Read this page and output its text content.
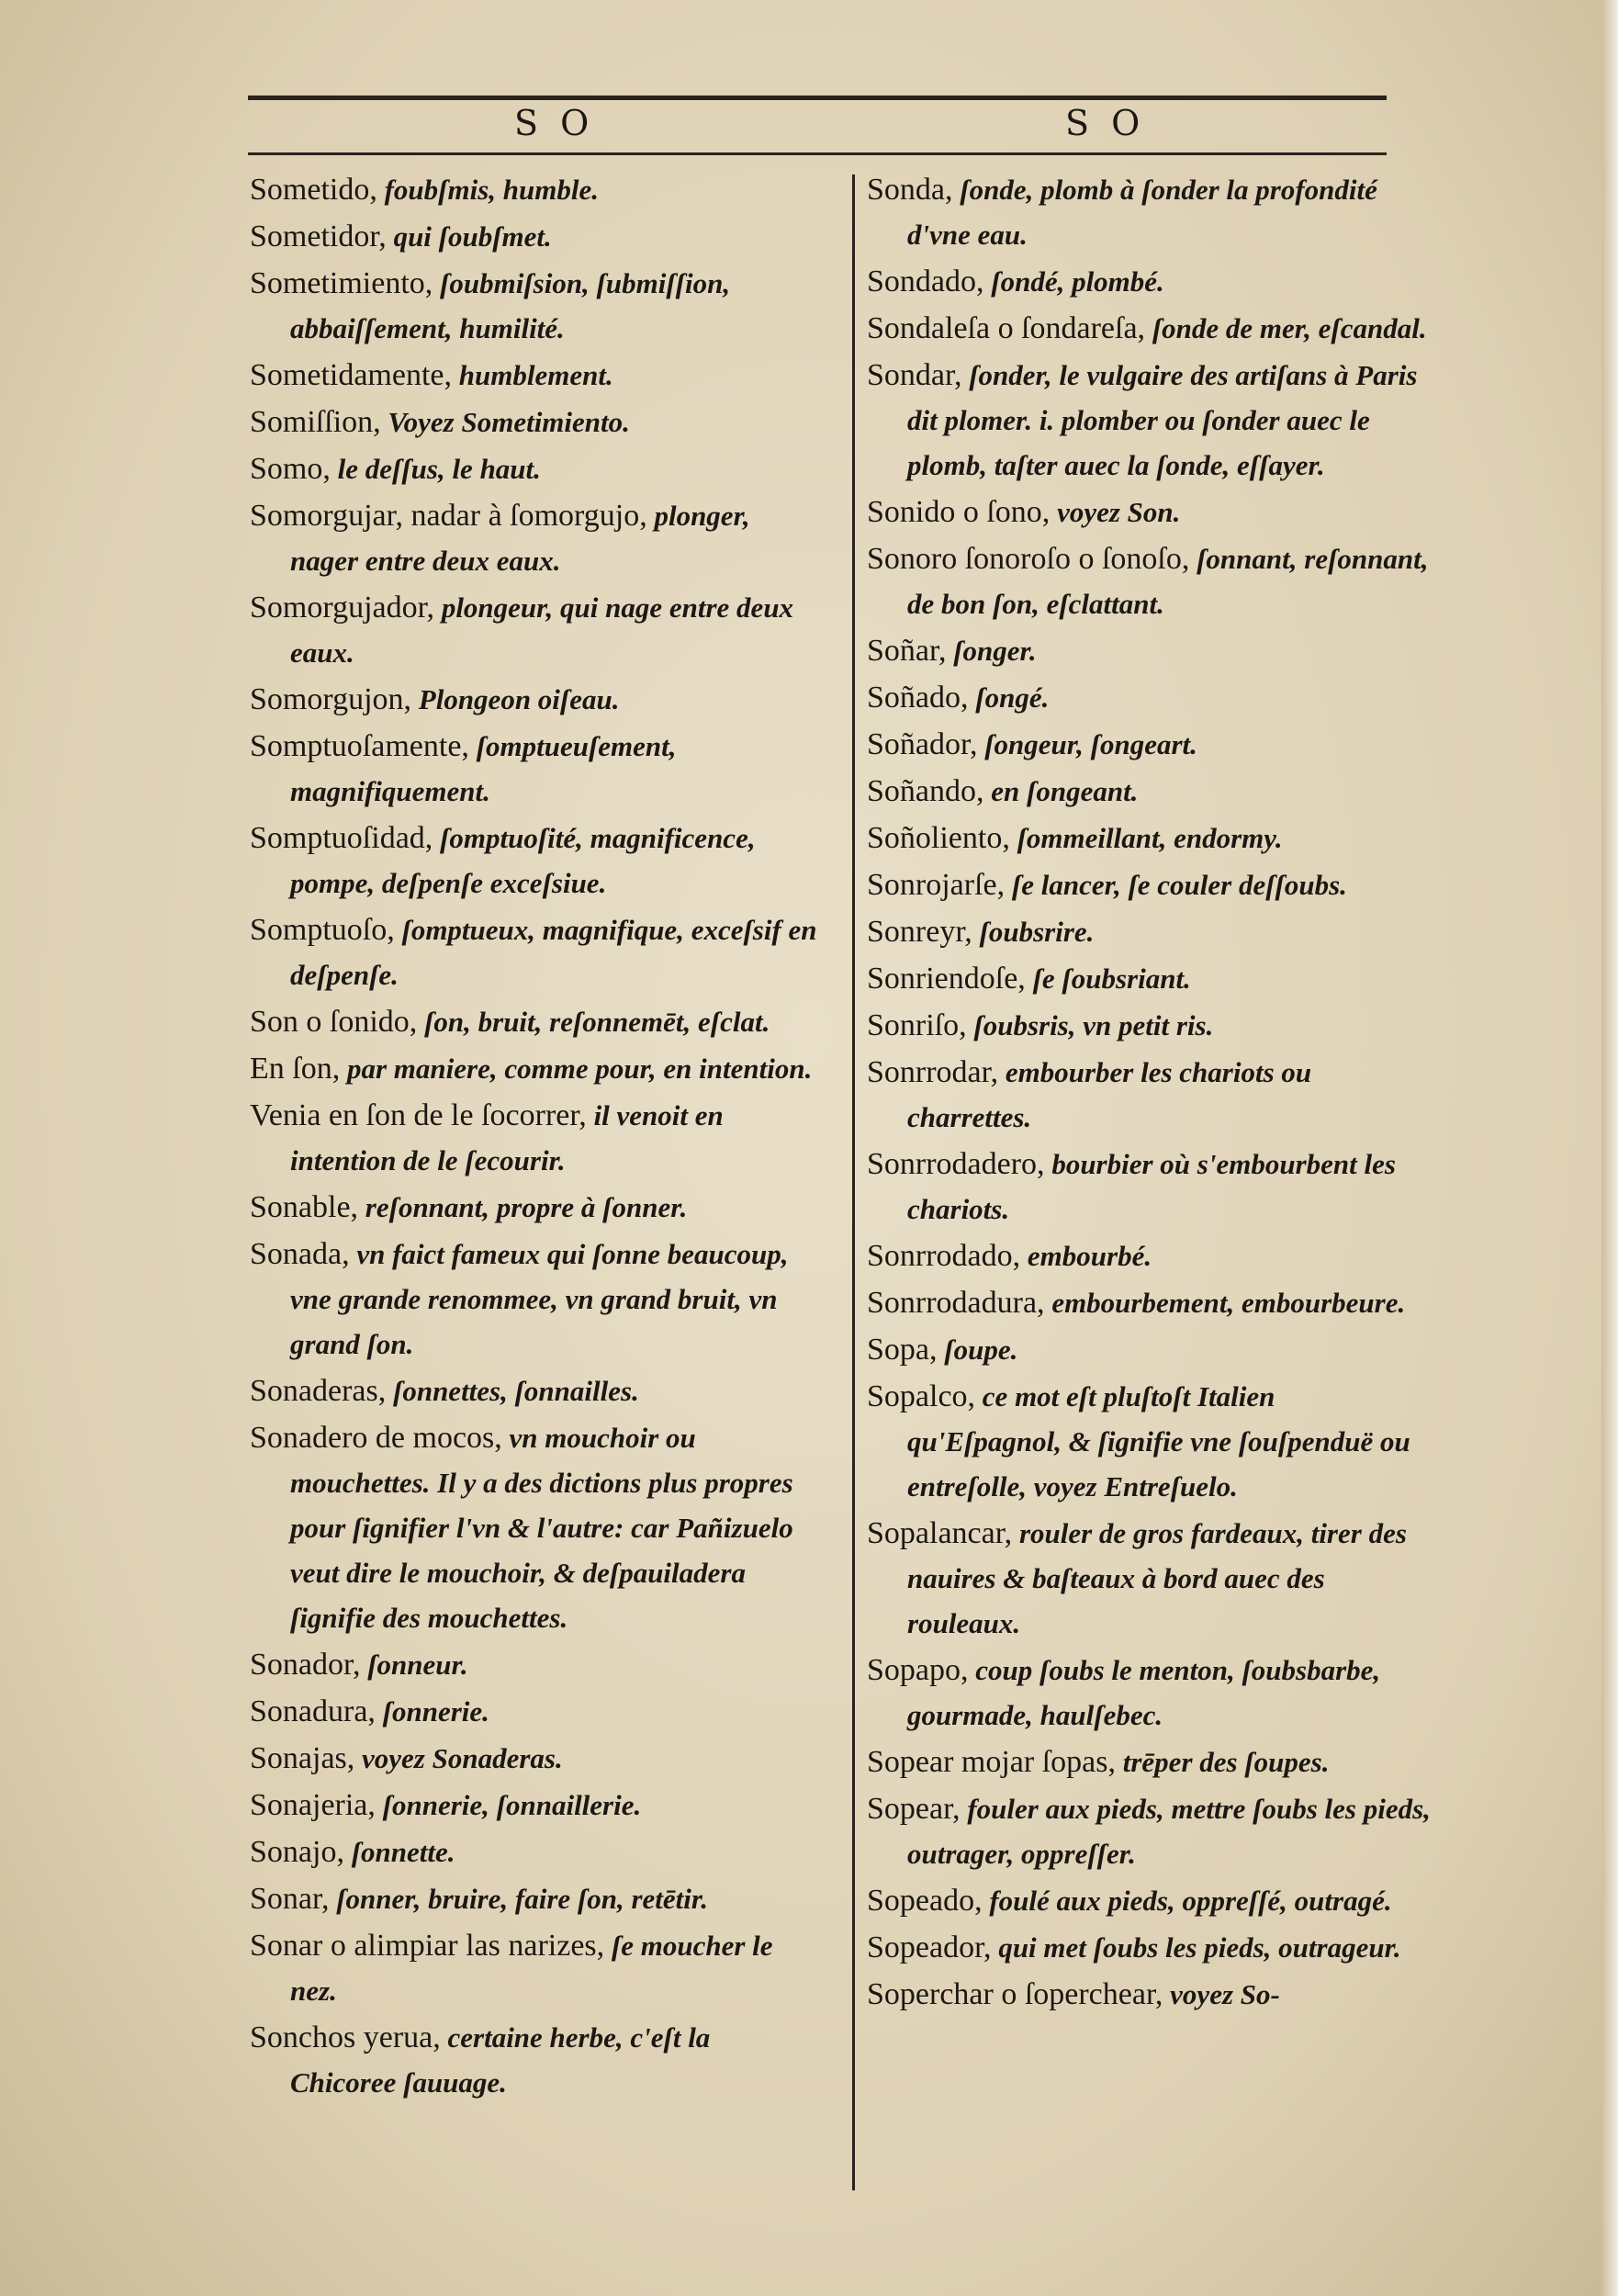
S O	S O
Sometido, foubſmis, humble.
Sometidor, qui ſoubſmet.
Sometimiento, ſoubmiſsion, ſubmiſſion, abbaiſſement, humilité.
Sometidamente, humblement.
Somiſſion, Voyez Sometimiento.
Somo, le deſſus, le haut.
Somorgujar, nadar à ſomorgujo, plonger, nager entre deux eaux.
Somorgujador, plongeur, qui nage entre deux eaux.
Somorgujon, Plongeon oiſeau.
Somptuoſamente, ſomptueuſement, magnifiquement.
Somptuoſidad, ſomptuoſité, magnificence, pompe, deſpenſe exceſsiue.
Somptuoſo, ſomptueux, magnifique, exceſsif en deſpenſe.
Son o ſonido, ſon, bruit, reſonnemēt, eſclat.
En ſon, par maniere, comme pour, en intention.
Venia en ſon de le ſocorrer, il venoit en intention de le ſecourir.
Sonable, reſonnant, propre à ſonner.
Sonada, vn faict fameux qui ſonne beaucoup, vne grande renommee, vn grand bruit, vn grand ſon.
Sonaderas, ſonnettes, ſonnailles.
Sonadero de mocos, vn mouchoir ou mouchettes. Il y a des dictions plus propres pour ſignifier l'vn & l'autre: car Pañizuelo veut dire le mouchoir, & deſpauiladera ſignifie des mouchettes.
Sonador, ſonneur.
Sonadura, ſonnerie.
Sonajas, voyez Sonaderas.
Sonajeria, ſonnerie, ſonnaillerie.
Sonajo, ſonnette.
Sonar, ſonner, bruire, faire ſon, retētir.
Sonar o alimpiar las narizes, ſe moucher le nez.
Sonchos yerua, certaine herbe, c'eſt la Chicoree ſauuage.
Sonda, ſonde, plomb à ſonder la profondité d'vne eau.
Sondado, ſondé, plombé.
Sondaleſa o ſondareſa, ſonde de mer, eſcandal.
Sondar, ſonder, le vulgaire des artiſans à Paris dit plomer. i. plomber ou ſonder auec le plomb, taſter auec la ſonde, eſſayer.
Sonido o ſono, voyez Son.
Sonoro ſonoroſo o ſonoſo, ſonnant, reſonnant, de bon ſon, eſclattant.
Soñar, ſonger.
Soñado, ſongé.
Soñador, ſongeur, ſongeart.
Soñando, en ſongeant.
Soñoliento, ſommeillant, endormy.
Sonrojarſe, ſe lancer, ſe couler deſſoubs.
Sonreyr, ſoubsrire.
Sonriendoſe, ſe ſoubsriant.
Sonriſo, ſoubsris, vn petit ris.
Sonrrodar, embourber les chariots ou charrettes.
Sonrrodadero, bourbier où s'embourbent les chariots.
Sonrrodado, embourbé.
Sonrrodadura, embourbement, embourbeure.
Sopa, ſoupe.
Sopalco, ce mot eſt pluſtoſt Italien qu'Eſpagnol, & ſignifie vne ſouſpenduë ou entreſolle, voyez Entreſuelo.
Sopalancar, rouler de gros fardeaux, tirer des nauires & baſteaux à bord auec des rouleaux.
Sopapo, coup ſoubs le menton, ſoubsbarbe, gourmade, haulſebec.
Sopear mojar ſopas, trēper des ſoupes.
Sopear, fouler aux pieds, mettre ſoubs les pieds, outrager, oppreſſer.
Sopeado, foulé aux pieds, oppreſſé, outragé.
Sopeador, qui met ſoubs les pieds, outrageur.
Soperchar o ſoperchear, voyez So-
